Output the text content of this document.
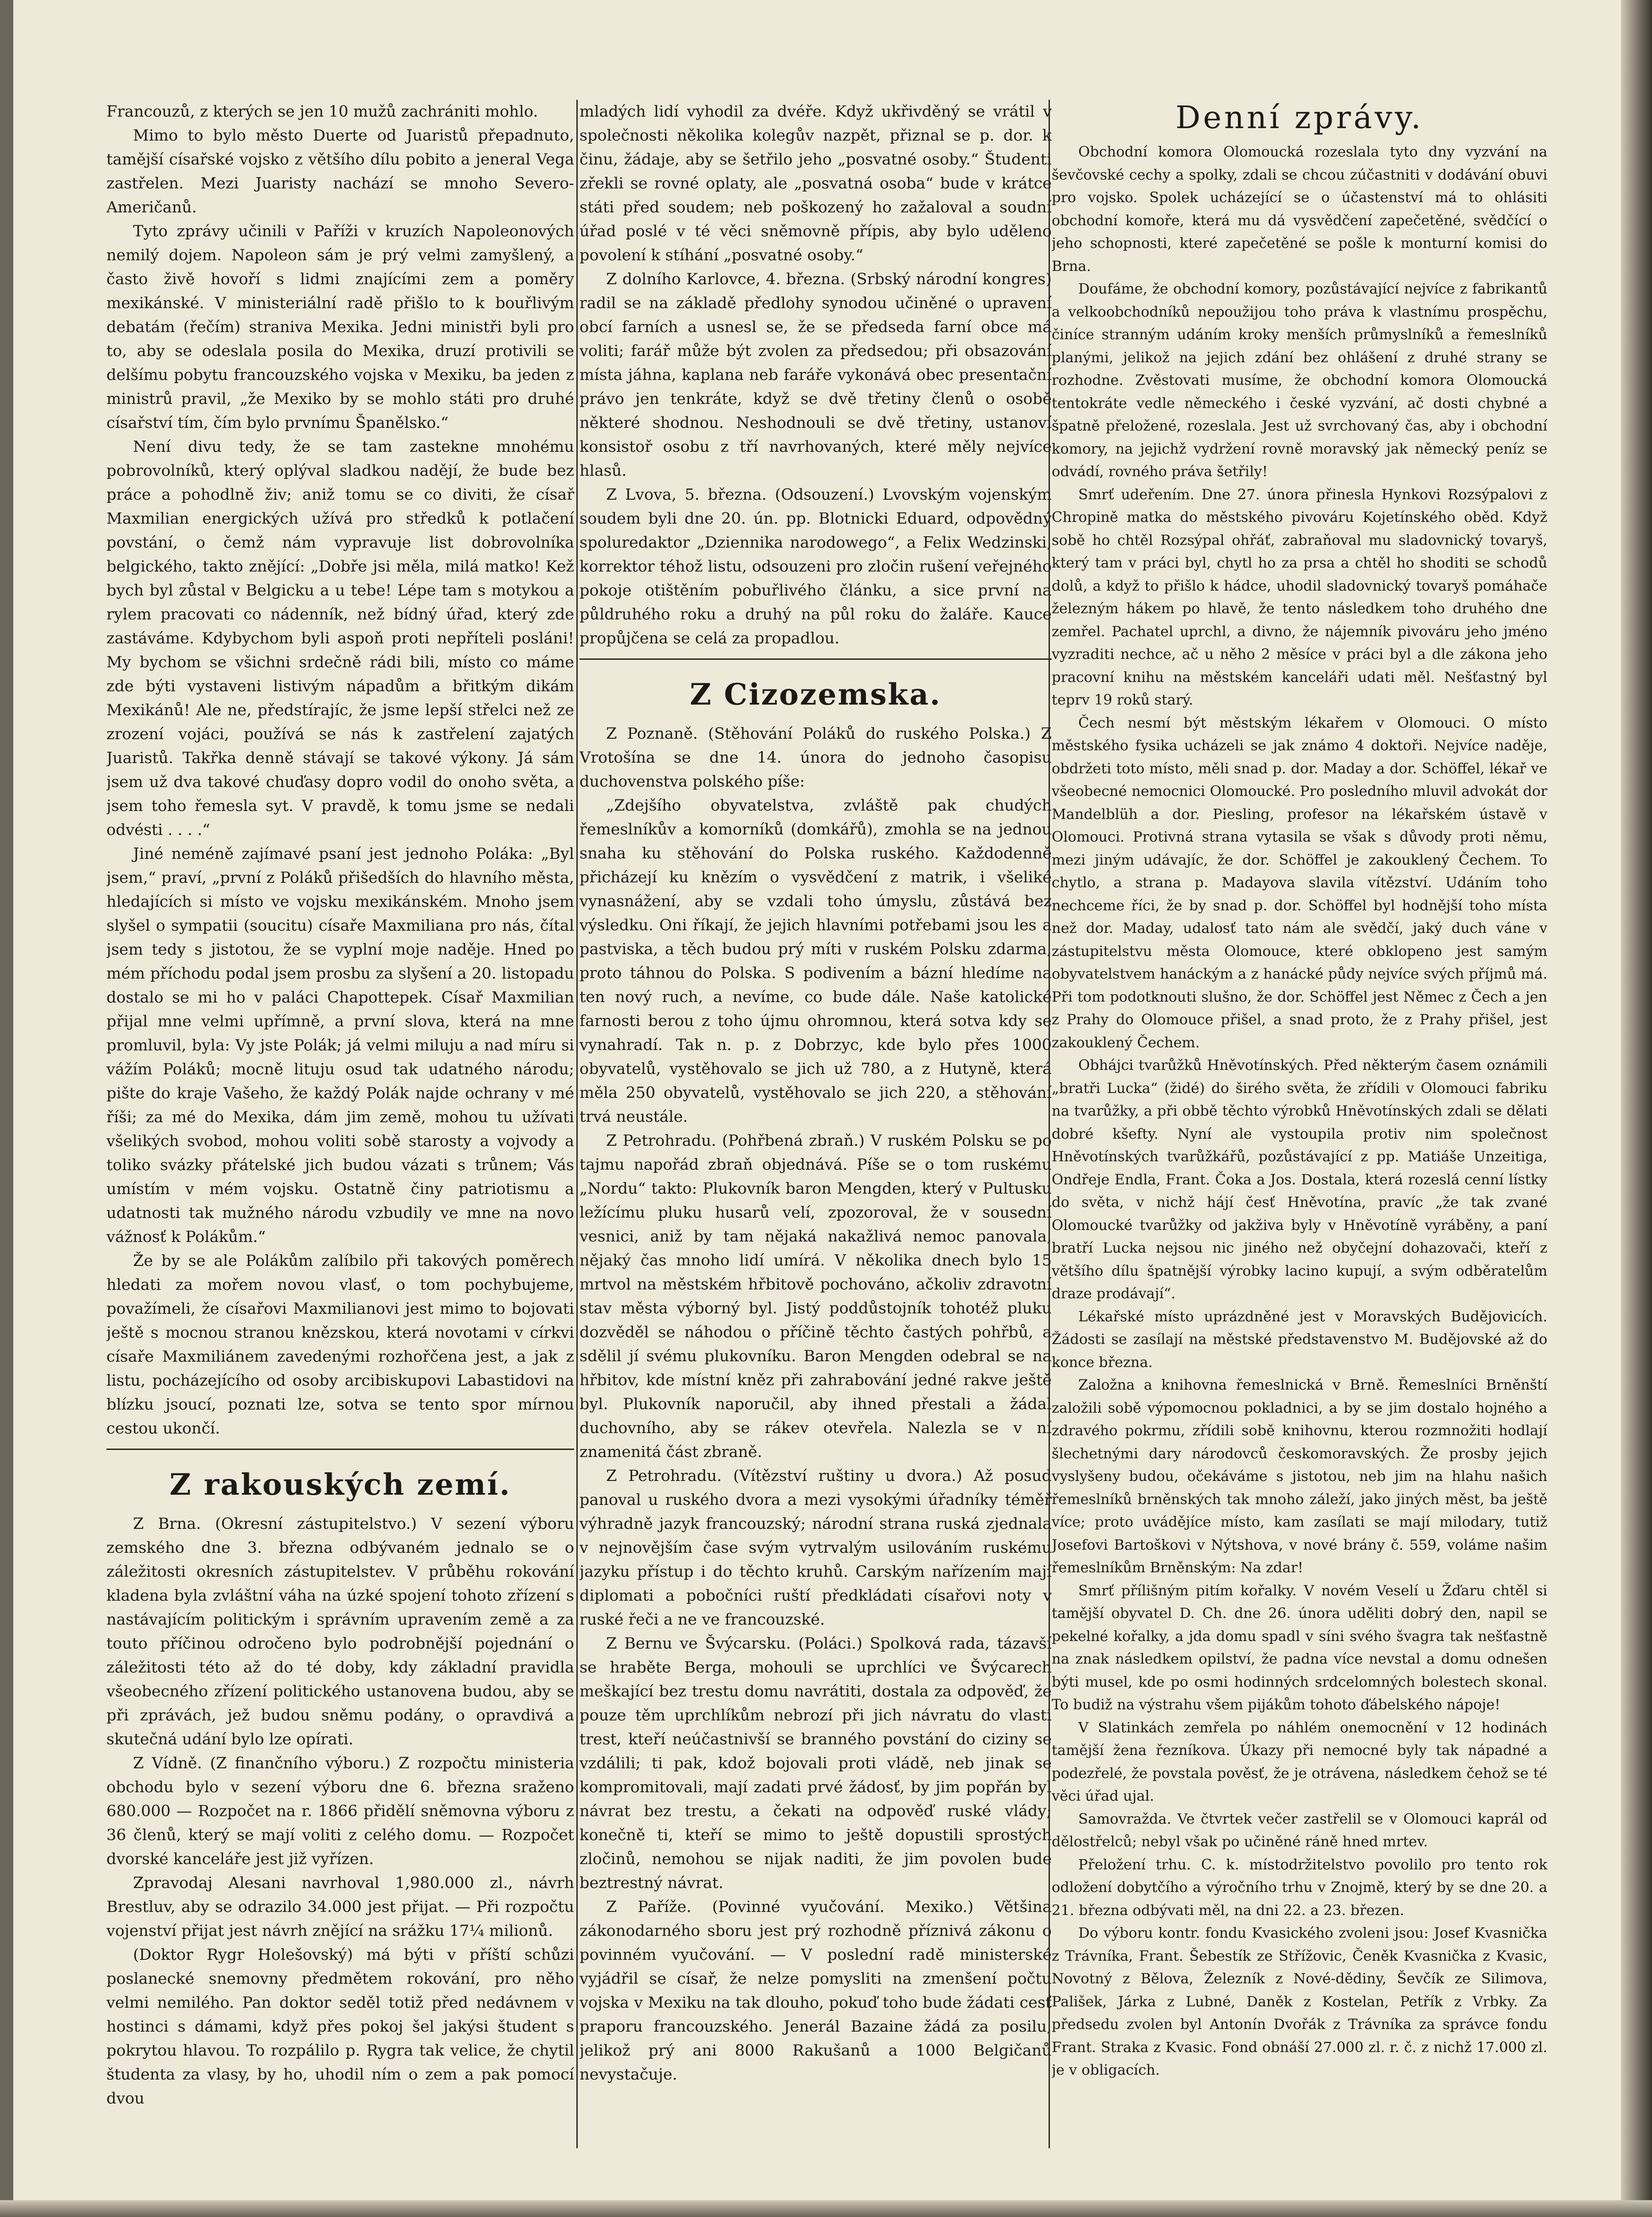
Francouzů, z kterých se jen 10 mužů zachrániti mohlo.

Mimo to bylo město Duerte od Juaristů přepadnuto, tamější císařské vojsko z většího dílu pobito a jeneral Vega zastřelen. Mezi Juaristy nachází se mnoho Severo-Američanů.

Tyto zprávy učinili v Paříži v kruzích Napoleonových nemilý dojem. Napoleon sám je prý velmi zamyšlený, a často živě hovoří s lidmi znajícími zem a poměry mexikánské. V ministeriální radě přišlo to k bouřlivým debatám (řečím) straniva Mexika. Jedni ministři byli pro to, aby se odeslala posila do Mexika, druzí protivili se delšímu pobytu francouzského vojska v Mexiku, ba jeden z ministrů pravil, „že Mexiko by se mohlo státi pro druhé císařství tím, čím bylo prvnímu Španělsko.“

Není divu tedy, že se tam zastekne mnohému pobrovolníků, který oplýval sladkou nadějí, že bude bez práce a pohodlně živ; aniž tomu se co diviti, že císař Maxmilian energických užívá pro středků k potlačení povstání, o čemž nám vypravuje list dobrovolníka belgického, takto znějící: „Dobře jsi měla, milá matko! Kež bych byl zůstal v Belgicku a u tebe! Lépe tam s motykou a rylem pracovati co nádenník, než bídný úřad, který zde zastáváme. Kdybychom byli aspoň proti nepříteli posláni! My bychom se všichni srdečně rádi bili, místo co máme zde býti vystaveni listivým nápadům a břitkým dikám Mexikánů! Ale ne, předstírajíc, že jsme lepší střelci než ze zrození vojáci, používá se nás k zastřelení zajatých Juaristů. Takřka denně stávají se takové výkony. Já sám jsem už dva takové chuďasy dopro vodil do onoho světa, a jsem toho řemesla syt. V pravdě, k tomu jsme se nedali odvésti . . . .“

Jiné neméně zajímavé psaní jest jednoho Poláka: „Byl jsem,“ praví, „první z Poláků přišedších do hlavního města, hledajících si místo ve vojsku mexikánském. Mnoho jsem slyšel o sympatii (soucitu) císaře Maxmiliana pro nás, čítal jsem tedy s jistotou, že se vyplní moje naděje. Hned po mém příchodu podal jsem prosbu za slyšení a 20. listopadu dostalo se mi ho v paláci Chapottepek. Císař Maxmilian přijal mne velmi upřímně, a první slova, která na mne promluvil, byla: Vy jste Polák; já velmi miluju a nad míru si vážím Poláků; mocně lituju osud tak udatného národu; pište do kraje Vašeho, že každý Polák najde ochrany v mé říši; za mé do Mexika, dám jim země, mohou tu užívati všelikých svobod, mohou voliti sobě starosty a vojvody a toliko svázky přátelské jich budou vázati s trůnem; Vás umístím v mém vojsku. Ostatně činy patriotismu a udatnosti tak mužného národu vzbudily ve mne na novo vážnosť k Polákům.“

Že by se ale Polákům zalíbilo při takových poměrech hledati za mořem novou vlasť, o tom pochybujeme, považímeli, že císařovi Maxmilianovi jest mimo to bojovati ještě s mocnou stranou knězskou, která novotami v církvi císaře Maxmiliánem zavedenými rozhořčena jest, a jak z listu, pocházejícího od osoby arcibiskupovi Labastidovi na blízku jsoucí, poznati lze, sotva se tento spor mírnou cestou ukončí.

Z rakouských zemí.

Z Brna. (Okresní zástupitelstvo.) V sezení výboru zemského dne 3. března odbývaném jednalo se o záležitosti okresních zástupitelstev. V průběhu rokování kladena byla zvláštní váha na úzké spojení tohoto zřízení s nastávajícím politickým i správním upravením země a za touto příčinou odročeno bylo podrobnější pojednání o záležitosti této až do té doby, kdy základní pravidla všeobecného zřízení politického ustanovena budou, aby se při zprávách, jež budou sněmu podány, o opravdivá a skutečná udání bylo lze opírati.

Z Vídně. (Z finančního výboru.) Z rozpočtu ministeria obchodu bylo v sezení výboru dne 6. března sraženo 680.000 — Rozpočet na r. 1866 přidělí sněmovna výboru z 36 členů, který se mají voliti z celého domu. — Rozpočet dvorské kanceláře jest již vyřízen.

Zpravodaj Alesani navrhoval 1,980.000 zl., návrh Brestluv, aby se odrazilo 34.000 jest přijat. — Při rozpočtu vojenství přijat jest návrh znějící na srážku 17¼ milionů.

(Doktor Rygr Holešovský) má býti v příští schůzi poslanecké snemovny předmětem rokování, pro něho velmi nemilého. Pan doktor seděl totiž před nedávnem v hostinci s dámami, když přes pokoj šel jakýsi študent s pokrytou hlavou. To rozpálilo p. Rygra tak velice, že chytil študenta za vlasy, by ho, uhodil ním o zem a pak pomocí dvou

mladých lidí vyhodil za dvéře. Když ukřivděný se vrátil v společnosti několika kolegův nazpět, přiznal se p. dor. k činu, žádaje, aby se šetřilo jeho „posvatné osoby.“ Študenti zřekli se rovné oplaty, ale „posvatná osoba“ bude v krátce státi před soudem; neb poškozený ho zažaloval a soudní úřad poslé v té věci sněmovně přípis, aby bylo uděleno povolení k stíhání „posvatné osoby.“

Z dolního Karlovce, 4. března. (Srbský národní kongres) radil se na základě předlohy synodou učiněné o upravení obcí farních a usnesl se, že se předseda farní obce má voliti; farář může být zvolen za předsedou; při obsazování místa jáhna, kaplana neb faráře vykonává obec presentační právo jen tenkráte, když se dvě třetiny členů o osobě některé shodnou. Neshodnouli se dvě třetiny, ustanoví konsistoř osobu z tří navrhovaných, které měly nejvíce hlasů.

Z Lvova, 5. března. (Odsouzení.) Lvovským vojenským soudem byli dne 20. ún. pp. Blotnicki Eduard, odpovědný spoluredaktor „Dziennika narodowego“, a Felix Wedzinski, korrektor téhož listu, odsouzeni pro zločin rušení veřejného pokoje otištěním pobuřlivého článku, a sice první na půldruhého roku a druhý na půl roku do žaláře. Kauce propůjčena se celá za propadlou.

Z Cizozemska.

Z Poznaně. (Stěhování Poláků do ruského Polska.) Z Vrotošína se dne 14. února do jednoho časopisu duchovenstva polského píše:

„Zdejšího obyvatelstva, zvláště pak chudých řemeslníkův a komorníků (domkářů), zmohla se na jednou snaha ku stěhování do Polska ruského. Každodenně přicházejí ku knězím o vysvědčení z matrik, i všeliké vynasnážení, aby se vzdali toho úmyslu, zůstává bez výsledku. Oni říkají, že jejich hlavními potřebami jsou les a pastviska, a těch budou prý míti v ruském Polsku zdarma, proto táhnou do Polska. S podivením a bázní hledíme na ten nový ruch, a nevíme, co bude dále. Naše katolické farnosti berou z toho újmu ohromnou, která sotva kdy se vynahradí. Tak n. p. z Dobrzyc, kde bylo přes 1000 obyvatelů, vystěhovalo se jich už 780, a z Hutyně, která měla 250 obyvatelů, vystěhovalo se jich 220, a stěhování trvá neustále.

Z Petrohradu. (Pohřbená zbraň.) V ruském Polsku se po tajmu napořád zbraň objednává. Píše se o tom ruskému „Nordu“ takto: Plukovník baron Mengden, který v Pultusku ležícímu pluku husarů velí, zpozoroval, že v sousední vesnici, aniž by tam nějaká nakažlivá nemoc panovala, nějaký čas mnoho lidí umírá. V několika dnech bylo 15 mrtvol na městském hřbitově pochováno, ačkoliv zdravotní stav města výborný byl. Jistý poddůstojník tohotéž pluku dozvěděl se náhodou o příčině těchto častých pohřbů, a sdělil jí svému plukovníku. Baron Mengden odebral se na hřbitov, kde místní kněz při zahrabování jedné rakve ještě byl. Plukovník naporučil, aby ihned přestali a žádal duchovního, aby se rákev otevřela. Nalezla se v ní znamenitá část zbraně.

Z Petrohradu. (Vítězství ruštiny u dvora.) Až posud panoval u ruského dvora a mezi vysokými úřadníky téměř výhradně jazyk francouzský; národní strana ruská zjednala v nejnovějším čase svým vytrvalým usilováním ruskému jazyku přístup i do těchto kruhů. Carským nařízením mají diplomati a pobočníci ruští předkládati císařovi noty v ruské řeči a ne ve francouzské.

Z Bernu ve Švýcarsku. (Poláci.) Spolková rada, tázavší se hraběte Berga, mohouli se uprchlíci ve Švýcarech meškající bez trestu domu navrátiti, dostala za odpověď, že pouze těm uprchlíkům nebrozí při jich návratu do vlasti trest, kteří neúčastnivší se branného povstání do ciziny se vzdálili; ti pak, kdož bojovali proti vládě, neb jinak se kompromitovali, mají zadati prvé žádosť, by jim popřán byl návrat bez trestu, a čekati na odpověď ruské vlády; konečně ti, kteří se mimo to ještě dopustili sprostých zločinů, nemohou se nijak naditi, že jim povolen bude beztrestný návrat.

Z Paříže. (Povinné vyučování. Mexiko.) Většina zákonodarného sboru jest prý rozhodně příznivá zákonu o povinném vyučování. — V poslední radě ministerské vyjádřil se císař, že nelze pomysliti na zmenšení počtu vojska v Mexiku na tak dlouho, pokuď toho bude žádati cesť praporu francouzského. Jenerál Bazaine žádá za posilu, jelikož prý ani 8000 Rakušanů a 1000 Belgičanů nevystačuje.

Denní zprávy.

Obchodní komora Olomoucká rozeslala tyto dny vyzvání na ševčovské cechy a spolky, zdali se chcou zúčastniti v dodávání obuvi pro vojsko. Spolek ucházející se o účastenství má to ohlásiti obchodní komoře, která mu dá vysvědčení zapečetěné, svědčící o jeho schopnosti, které zapečetěné se pošle k monturní komisi do Brna.

Doufáme, že obchodní komory, pozůstávající nejvíce z fabrikantů a velkoobchodníků nepoužijou toho práva k vlastnímu prospěchu, činíce stranným udáním kroky menších průmyslníků a řemeslníků planými, jelikož na jejich zdání bez ohlášení z druhé strany se rozhodne. Zvěstovati musíme, že obchodní komora Olomoucká tentokráte vedle německého i české vyzvání, ač dosti chybné a špatně přeložené, rozeslala. Jest už svrchovaný čas, aby i obchodní komory, na jejichž vydržení rovně moravský jak německý peníz se odvádí, rovného práva šetřily!

Smrť udeřením. Dne 27. února přinesla Hynkovi Rozsýpalovi z Chropině matka do městského pivováru Kojetínského oběd. Když sobě ho chtěl Rozsýpal ohřáť, zabraňoval mu sladovnický tovaryš, který tam v práci byl, chytl ho za prsa a chtěl ho shoditi se schodů dolů, a když to přišlo k hádce, uhodil sladovnický tovaryš pomáhače železným hákem po hlavě, že tento následkem toho druhého dne zemřel. Pachatel uprchl, a divno, že nájemník pivováru jeho jméno vyzraditi nechce, ač u něho 2 měsíce v práci byl a dle zákona jeho pracovní knihu na městském kanceláři udati měl. Nešťastný byl teprv 19 roků starý.

Čech nesmí být městským lékařem v Olomouci. O místo městského fysika ucházeli se jak známo 4 doktoři. Nejvíce naděje, obdržeti toto místo, měli snad p. dor. Maday a dor. Schöffel, lékař ve všeobecné nemocnici Olomoucké. Pro posledního mluvil advokát dor Mandelblüh a dor. Piesling, profesor na lékařském ústavě v Olomouci. Protivná strana vytasila se však s důvody proti němu, mezi jiným udávajíc, že dor. Schöffel je zakouklený Čechem. To chytlo, a strana p. Madayova slavila vítězství. Udáním toho nechceme říci, že by snad p. dor. Schöffel byl hodnější toho místa než dor. Maday, udalosť tato nám ale svědčí, jaký duch váne v zástupitelstvu města Olomouce, které obklopeno jest samým obyvatelstvem hanáckým a z hanácké půdy nejvíce svých příjmů má. Při tom podotknouti slušno, že dor. Schöffel jest Němec z Čech a jen z Prahy do Olomouce přišel, a snad proto, že z Prahy přišel, jest zakouklený Čechem.

Obhájci tvarůžků Hněvotínských. Před některým časem oznámili „bratři Lucka“ (židé) do širého světa, že zřídili v Olomouci fabriku na tvarůžky, a při obbě těchto výrobků Hněvotínských zdali se dělati dobré kšefty. Nyní ale vystoupila protiv nim společnost Hněvotínských tvarůžkářů, pozůstávající z pp. Matiáše Unzeitiga, Ondřeje Endla, Frant. Čoka a Jos. Dostala, která rozeslá cenní lístky do světa, v nichž hájí česť Hněvotína, pravíc „že tak zvané Olomoucké tvarůžky od jakživa byly v Hněvotíně vyráběny, a paní bratří Lucka nejsou nic jiného než obyčejní dohazovači, kteří z většího dílu špatnější výrobky lacino kupují, a svým odběratelům draze prodávají“.

Lékařské místo uprázdněné jest v Moravských Budějovicích. Žádosti se zasílají na městské představenstvo M. Budějovské až do konce března.

Založna a knihovna řemeslnická v Brně. Řemeslníci Brněnští založili sobě výpomocnou pokladnici, a by se jim dostalo hojného a zdravého pokrmu, zřídili sobě knihovnu, kterou rozmnožiti hodlají šlechetnými dary národovců českomoravských. Že prosby jejich vyslyšeny budou, očekáváme s jistotou, neb jim na hlahu našich řemeslníků brněnských tak mnoho záleží, jako jiných měst, ba ještě více; proto uvádějíce místo, kam zasílati se mají milodary, tutiž Josefovi Bartoškovi v Nýtshova, v nové brány č. 559, voláme našim řemeslníkům Brněnským: Na zdar!

Smrť přílišným pitím kořalky. V novém Veselí u Žďaru chtěl si tamější obyvatel D. Ch. dne 26. února uděliti dobrý den, napil se pekelné kořalky, a jda domu spadl v síni svého švagra tak nešťastně na znak následkem opilství, že padna více nevstal a domu odnešen býti musel, kde po osmi hodinných srdcelomných bolestech skonal. To budiž na výstrahu všem pijákům tohoto ďábelského nápoje!

V Slatinkách zemřela po náhlém onemocnění v 12 hodinách tamější žena řezníkova. Úkazy při nemocné byly tak nápadné a podezřelé, že povstala pověsť, že je otrávena, následkem čehož se té věci úřad ujal.

Samovražda. Ve čtvrtek večer zastřelil se v Olomouci kaprál od dělostřelců; nebyl však po učiněné ráně hned mrtev.

Přeložení trhu. C. k. místodržitelstvo povolilo pro tento rok odložení dobytčího a výročního trhu v Znojmě, který by se dne 20. a 21. března odbývati měl, na dni 22. a 23. březen.

Do výboru kontr. fondu Kvasického zvoleni jsou: Josef Kvasnička z Trávníka, Frant. Šebestík ze Střížovic, Čeněk Kvasnička z Kvasic, Novotný z Bělova, Železník z Nové-dědiny, Ševčík ze Silimova, Pališek, Járka z Lubné, Daněk z Kostelan, Petřík z Vrbky. Za předsedu zvolen byl Antonín Dvořák z Trávníka za správce fondu Frant. Straka z Kvasic. Fond obnáší 27.000 zl. r. č. z nichž 17.000 zl. je v obligacích.
